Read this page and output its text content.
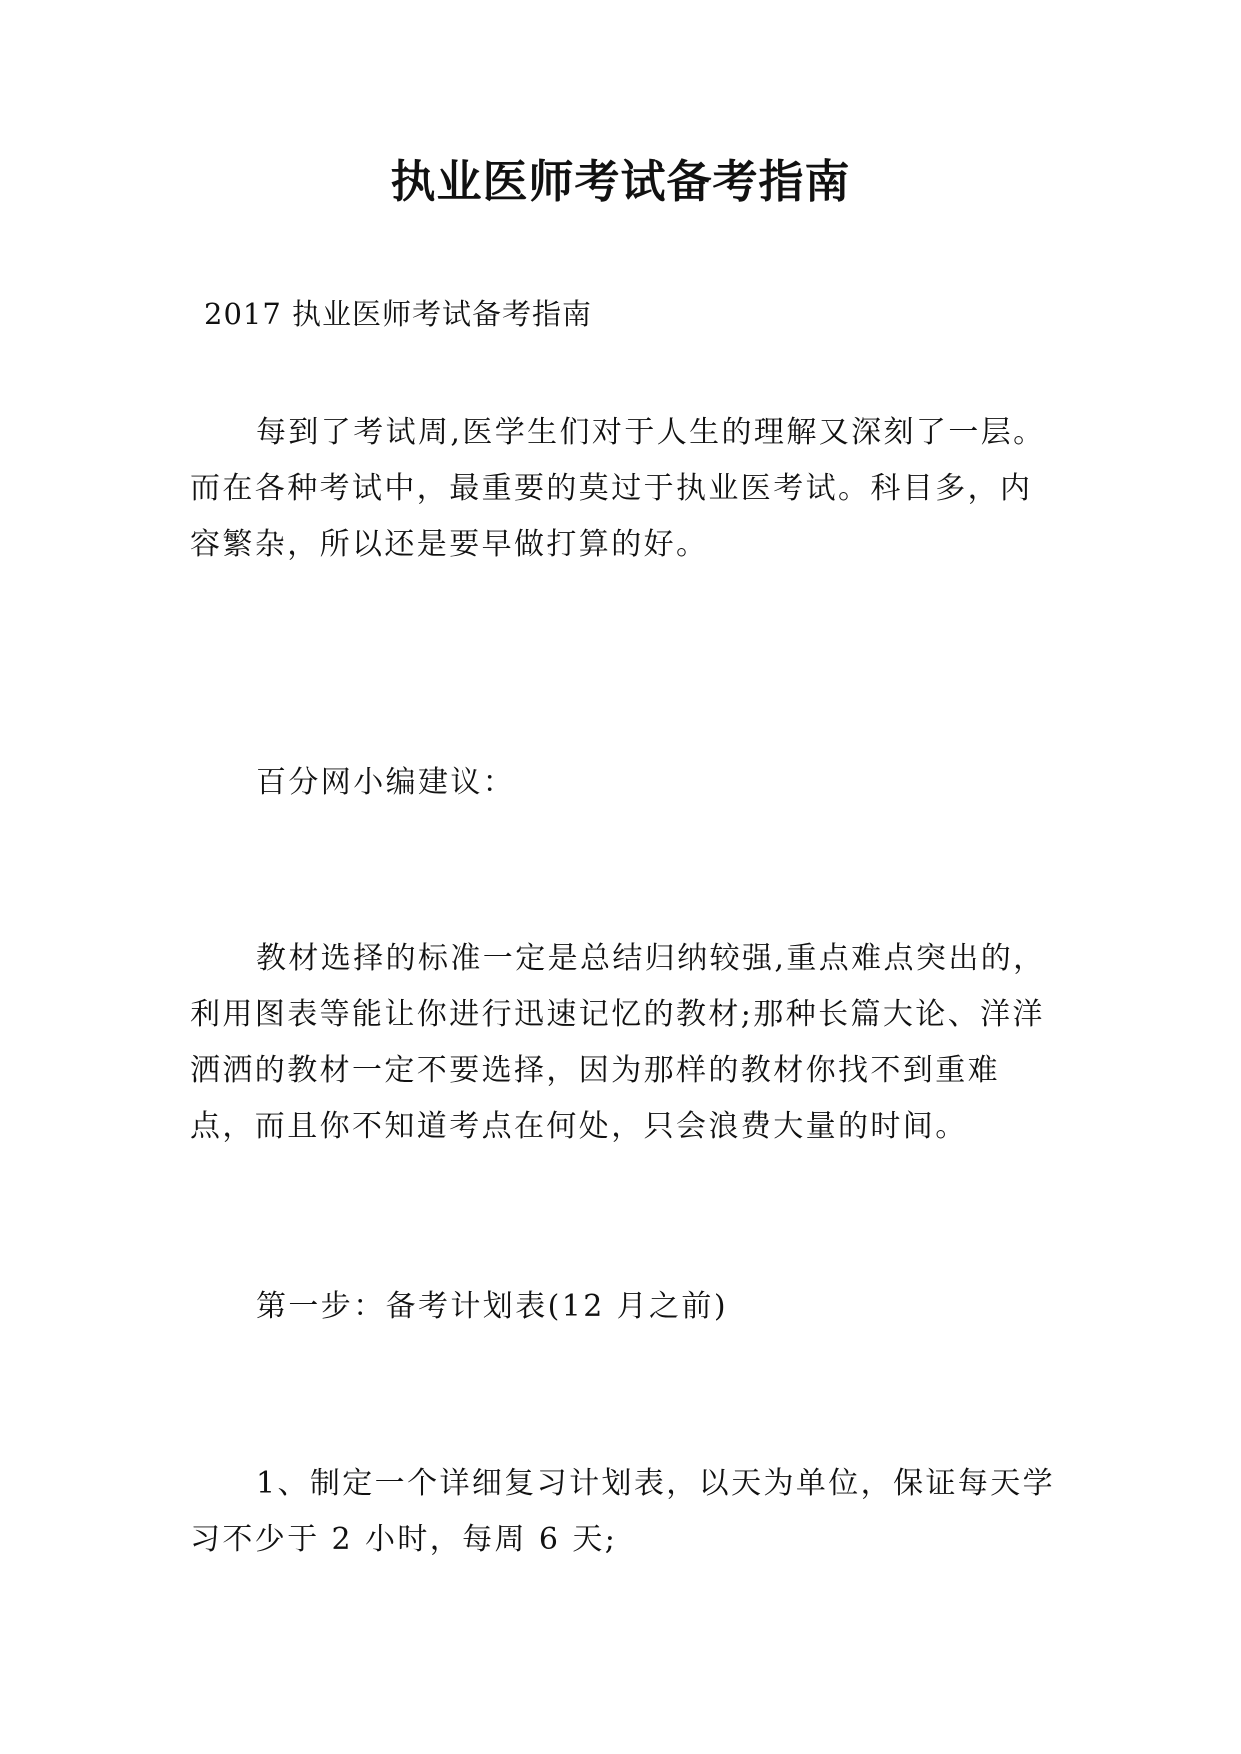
执业医师考试备考指南
2017 执业医师考试备考指南

每到了考试周,医学生们对于人生的理解又深刻了一层。而在各种考试中，最重要的莫过于执业医考试。科目多，内容繁杂，所以还是要早做打算的好。

百分网小编建议：

教材选择的标准一定是总结归纳较强,重点难点突出的，利用图表等能让你进行迅速记忆的教材;那种长篇大论、洋洋洒洒的教材一定不要选择，因为那样的教材你找不到重难点，而且你不知道考点在何处，只会浪费大量的时间。

第一步：备考计划表(12 月之前)

1、制定一个详细复习计划表，以天为单位，保证每天学习不少于 2 小时，每周 6 天;
